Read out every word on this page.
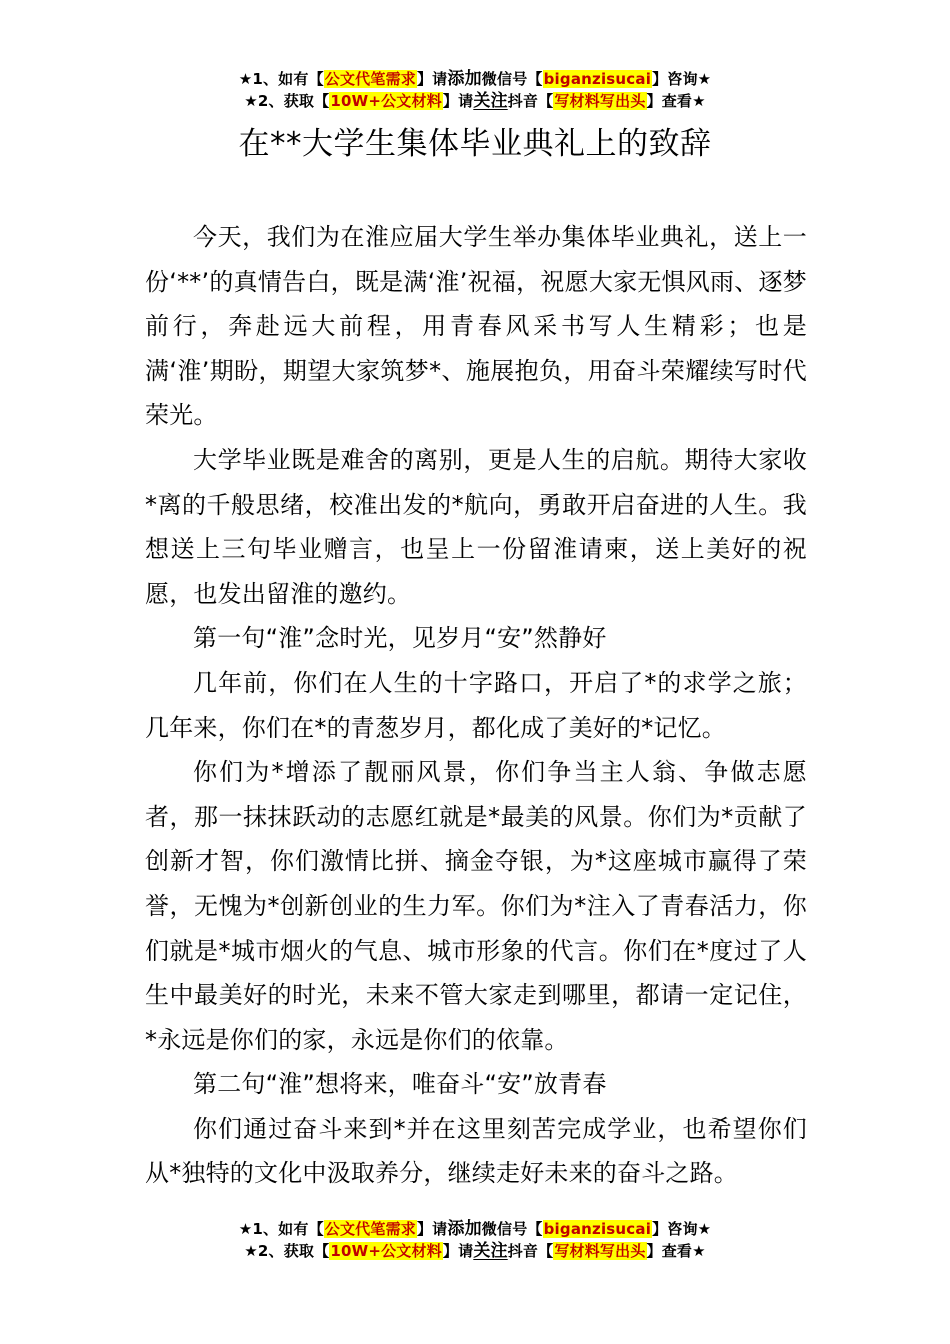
★1、如有【公文代笔需求】请添加微信号【biganzisucai】咨询★
★2、获取【10W+公文材料】请关注抖音【写材料写出头】查看★
在**大学生集体毕业典礼上的致辞

今天，我们为在淮应届大学生举办集体毕业典礼，送上一份‘**’的真情告白，既是满‘淮’祝福，祝愿大家无惧风雨、逐梦前行，奔赴远大前程，用青春风采书写人生精彩；也是满‘淮’期盼，期望大家筑梦*、施展抱负，用奋斗荣耀续写时代荣光。

大学毕业既是难舍的离别，更是人生的启航。期待大家收*离的千般思绪，校准出发的*航向，勇敢开启奋进的人生。我想送上三句毕业赠言，也呈上一份留淮请柬，送上美好的祝愿，也发出留淮的邀约。

第一句“淮”念时光，见岁月“安”然静好

几年前，你们在人生的十字路口，开启了*的求学之旅；几年来，你们在*的青葱岁月，都化成了美好的*记忆。

你们为*增添了靓丽风景，你们争当主人翁、争做志愿者，那一抹抹跃动的志愿红就是*最美的风景。你们为*贡献了创新才智，你们激情比拼、摘金夺银，为*这座城市赢得了荣誉，无愧为*创新创业的生力军。你们为*注入了青春活力，你们就是*城市烟火的气息、城市形象的代言。你们在*度过了人生中最美好的时光，未来不管大家走到哪里，都请一定记住，*永远是你们的家，永远是你们的依靠。

第二句“淮”想将来，唯奋斗“安”放青春

你们通过奋斗来到*并在这里刻苦完成学业，也希望你们从*独特的文化中汲取养分，继续走好未来的奋斗之路。

★1、如有【公文代笔需求】请添加微信号【biganzisucai】咨询★
★2、获取【10W+公文材料】请关注抖音【写材料写出头】查看★
